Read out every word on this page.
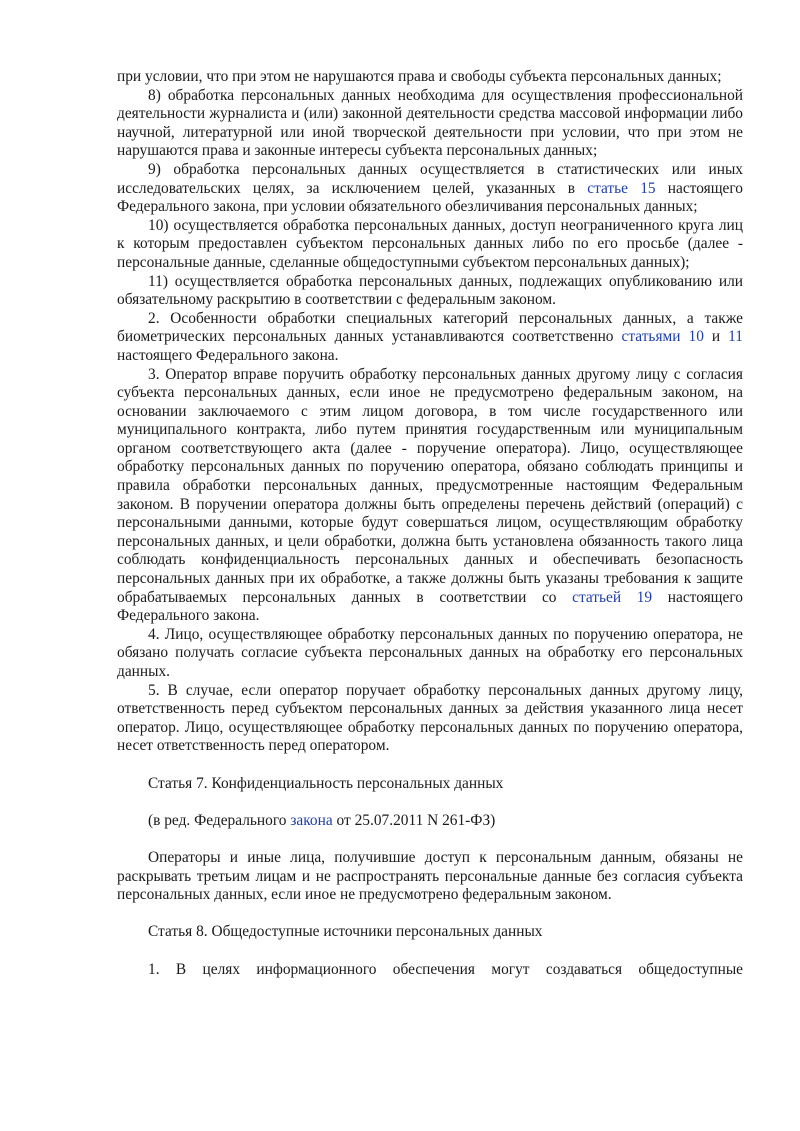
при условии, что при этом не нарушаются права и свободы субъекта персональных данных;

8) обработка персональных данных необходима для осуществления профессиональной деятельности журналиста и (или) законной деятельности средства массовой информации либо научной, литературной или иной творческой деятельности при условии, что при этом не нарушаются права и законные интересы субъекта персональных данных;

9) обработка персональных данных осуществляется в статистических или иных исследовательских целях, за исключением целей, указанных в статье 15 настоящего Федерального закона, при условии обязательного обезличивания персональных данных;

10) осуществляется обработка персональных данных, доступ неограниченного круга лиц к которым предоставлен субъектом персональных данных либо по его просьбе (далее - персональные данные, сделанные общедоступными субъектом персональных данных);

11) осуществляется обработка персональных данных, подлежащих опубликованию или обязательному раскрытию в соответствии с федеральным законом.

2. Особенности обработки специальных категорий персональных данных, а также биометрических персональных данных устанавливаются соответственно статьями 10 и 11 настоящего Федерального закона.

3. Оператор вправе поручить обработку персональных данных другому лицу с согласия субъекта персональных данных, если иное не предусмотрено федеральным законом, на основании заключаемого с этим лицом договора, в том числе государственного или муниципального контракта, либо путем принятия государственным или муниципальным органом соответствующего акта (далее - поручение оператора). Лицо, осуществляющее обработку персональных данных по поручению оператора, обязано соблюдать принципы и правила обработки персональных данных, предусмотренные настоящим Федеральным законом. В поручении оператора должны быть определены перечень действий (операций) с персональными данными, которые будут совершаться лицом, осуществляющим обработку персональных данных, и цели обработки, должна быть установлена обязанность такого лица соблюдать конфиденциальность персональных данных и обеспечивать безопасность персональных данных при их обработке, а также должны быть указаны требования к защите обрабатываемых персональных данных в соответствии со статьей 19 настоящего Федерального закона.

4. Лицо, осуществляющее обработку персональных данных по поручению оператора, не обязано получать согласие субъекта персональных данных на обработку его персональных данных.

5. В случае, если оператор поручает обработку персональных данных другому лицу, ответственность перед субъектом персональных данных за действия указанного лица несет оператор. Лицо, осуществляющее обработку персональных данных по поручению оператора, несет ответственность перед оператором.

Статья 7. Конфиденциальность персональных данных

(в ред. Федерального закона от 25.07.2011 N 261-ФЗ)

Операторы и иные лица, получившие доступ к персональным данным, обязаны не раскрывать третьим лицам и не распространять персональные данные без согласия субъекта персональных данных, если иное не предусмотрено федеральным законом.

Статья 8. Общедоступные источники персональных данных

1. В целях информационного обеспечения могут создаваться общедоступные
